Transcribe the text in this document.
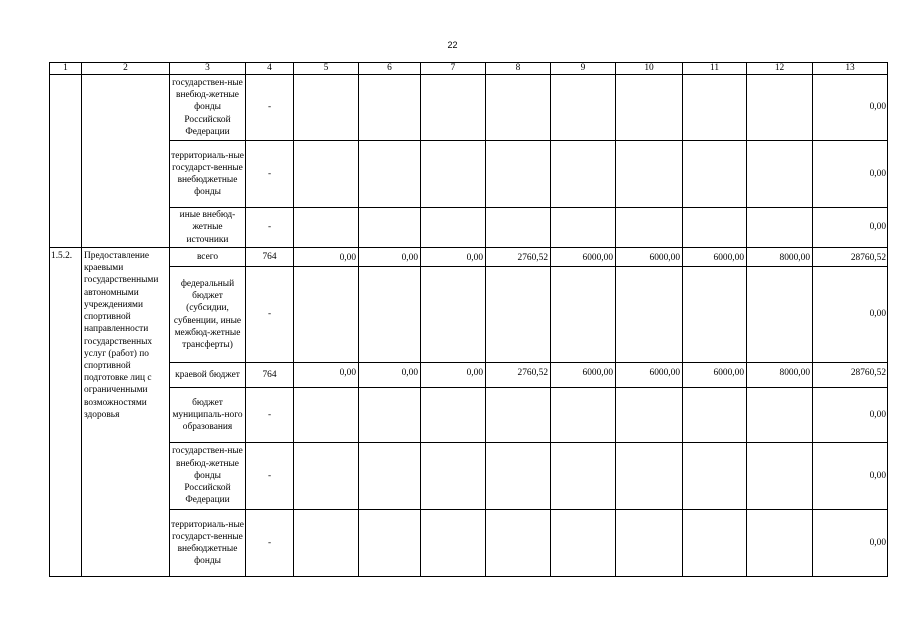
22
1	2	3	4	5	6	7	8	9	10	11	12	13
		государствен-ные внебюд-жетные фонды Российской Федерации	-									0,00
		территориаль-ные государст-венные внебюджетные фонды	-									0,00
		иные внебюд-жетные источники	-									0,00
1.5.2.	Предоставление краевыми государственными автономными учреждениями спортивной направленности государственных услуг (работ) по спортивной подготовке лиц с ограниченными возможностями здоровья	всего	764	0,00	0,00	0,00	2760,52	6000,00	6000,00	6000,00	8000,00	28760,52
		федеральный бюджет (субсидии, субвенции, иные межбюд-жетные трансферты)	-									0,00
		краевой бюджет	764	0,00	0,00	0,00	2760,52	6000,00	6000,00	6000,00	8000,00	28760,52
		бюджет муниципаль-ного образования	-									0,00
		государствен-ные внебюд-жетные фонды Российской Федерации	-									0,00
		территориаль-ные государст-венные внебюджетные фонды	-									0,00
